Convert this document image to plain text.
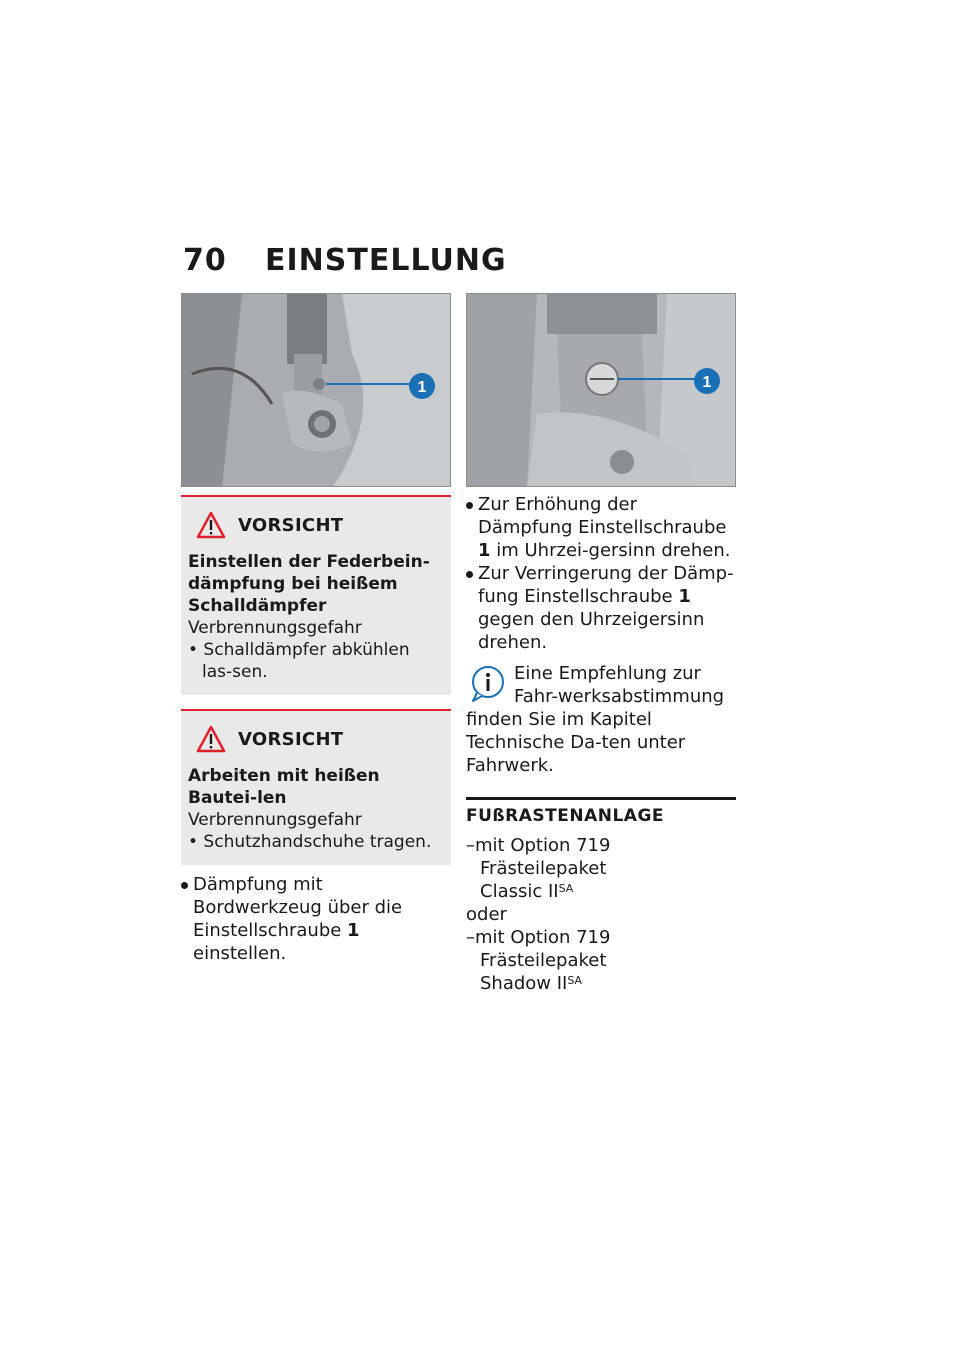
70	EINSTELLUNG
1
VORSICHT
Einstellen der Federbein-dämpfung bei heißem Schalldämpfer
Verbrennungsgefahr
• Schalldämpfer abkühlen las-sen.
VORSICHT
Arbeiten mit heißen Bautei-len
Verbrennungsgefahr
• Schutzhandschuhe tragen.
Dämpfung mit Bordwerkzeug über die Einstellschraube 1 einstellen.
1
Zur Erhöhung der Dämpfung Einstellschraube 1 im Uhrzei-gersinn drehen.
Zur Verringerung der Dämp-fung Einstellschraube 1 gegen den Uhrzeigersinn drehen.
Eine Empfehlung zur Fahr-werksabstimmung finden Sie im Kapitel Technische Da-ten unter Fahrwerk.
FUßRASTENANLAGE
–mit Option 719 Frästeilepaket
Classic $II^{SA}$
oder
–mit Option 719 Frästeilepaket
Shadow $II^{SA}$
